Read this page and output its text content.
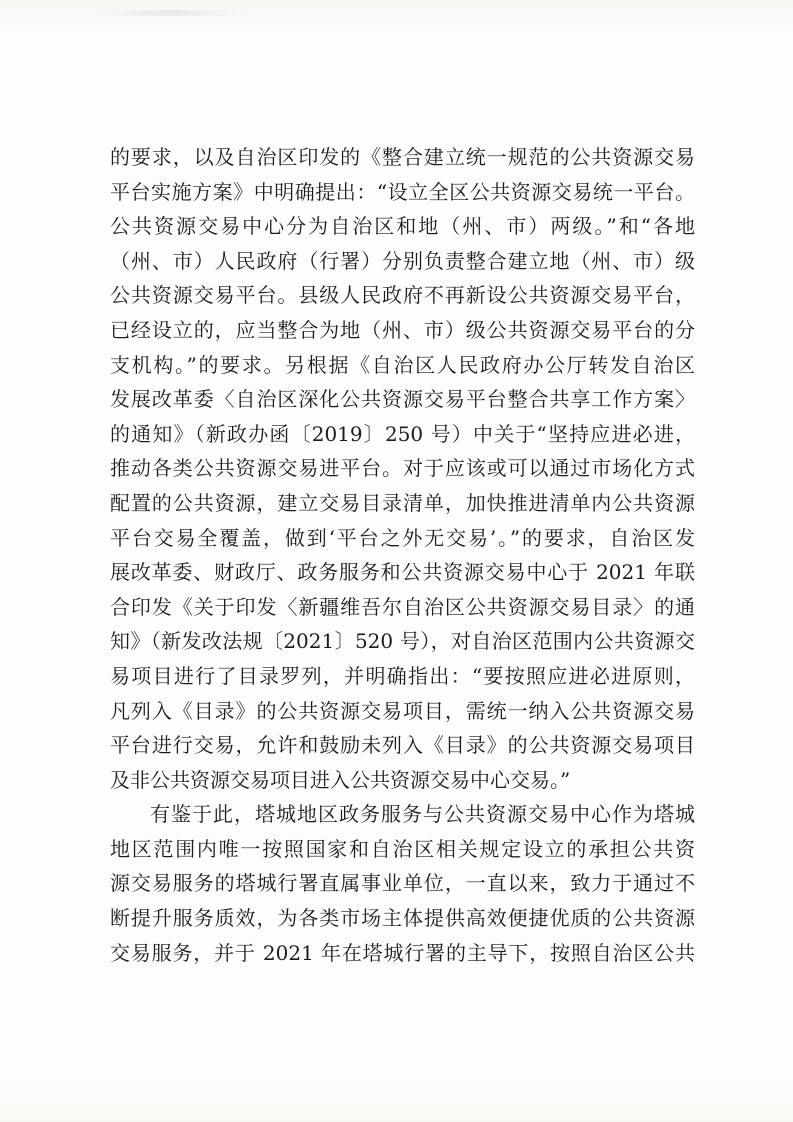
的要求，以及自治区印发的《整合建立统一规范的公共资源交易
平台实施方案》中明确提出：“设立全区公共资源交易统一平台。
公共资源交易中心分为自治区和地（州、市）两级。”和“各地
（州、市）人民政府（行署）分别负责整合建立地（州、市）级
公共资源交易平台。县级人民政府不再新设公共资源交易平台，
已经设立的，应当整合为地（州、市）级公共资源交易平台的分
支机构。”的要求。另根据《自治区人民政府办公厅转发自治区
发展改革委〈自治区深化公共资源交易平台整合共享工作方案〉
的通知》（新政办函〔2019〕250 号）中关于“坚持应进必进，
推动各类公共资源交易进平台。对于应该或可以通过市场化方式
配置的公共资源，建立交易目录清单，加快推进清单内公共资源
平台交易全覆盖，做到‘平台之外无交易’。”的要求，自治区发
展改革委、财政厅、政务服务和公共资源交易中心于 2021 年联
合印发《关于印发〈新疆维吾尔自治区公共资源交易目录〉的通
知》（新发改法规〔2021〕520 号），对自治区范围内公共资源交
易项目进行了目录罗列，并明确指出：“要按照应进必进原则，
凡列入《目录》的公共资源交易项目，需统一纳入公共资源交易
平台进行交易，允许和鼓励未列入《目录》的公共资源交易项目
及非公共资源交易项目进入公共资源交易中心交易。”
有鉴于此，塔城地区政务服务与公共资源交易中心作为塔城
地区范围内唯一按照国家和自治区相关规定设立的承担公共资
源交易服务的塔城行署直属事业单位，一直以来，致力于通过不
断提升服务质效，为各类市场主体提供高效便捷优质的公共资源
交易服务，并于 2021 年在塔城行署的主导下，按照自治区公共
